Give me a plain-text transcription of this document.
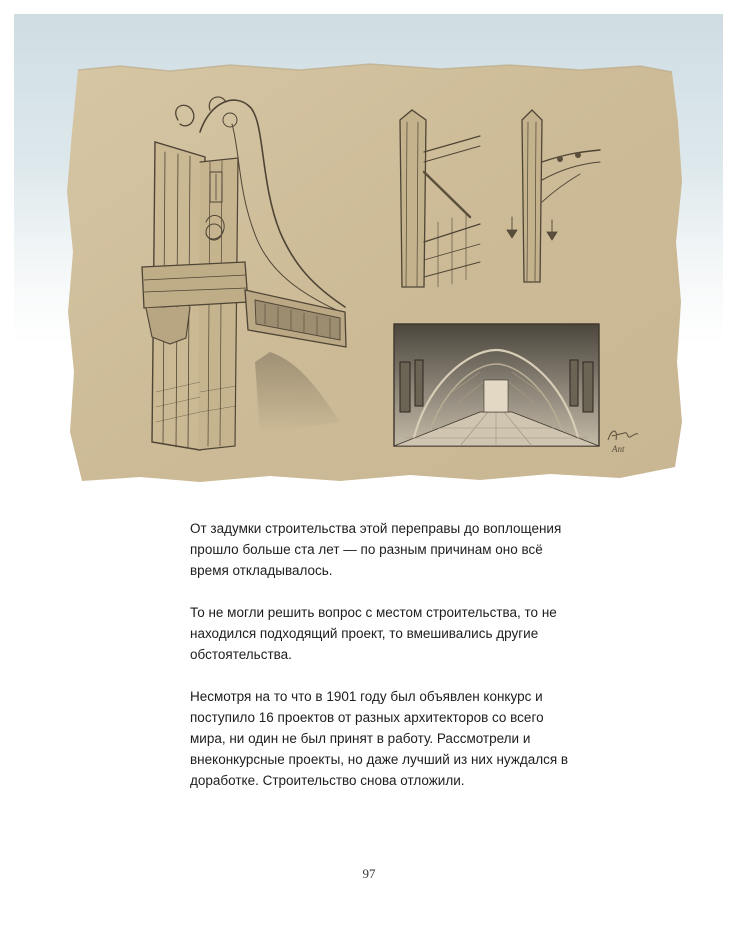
Ant

От задумки строительства этой переправы до воплощения прошло больше ста лет — по разным причинам оно всё время откладывалось.

То не могли решить вопрос с местом строительства, то не находился подходящий проект, то вмешивались другие обстоятельства.

Несмотря на то что в 1901 году был объявлен конкурс и поступило 16 проектов от разных архитекторов со всего мира, ни один не был принят в работу. Рассмотрели и внеконкурсные проекты, но даже лучший из них нуждался в доработке. Строительство снова отложили.

97
